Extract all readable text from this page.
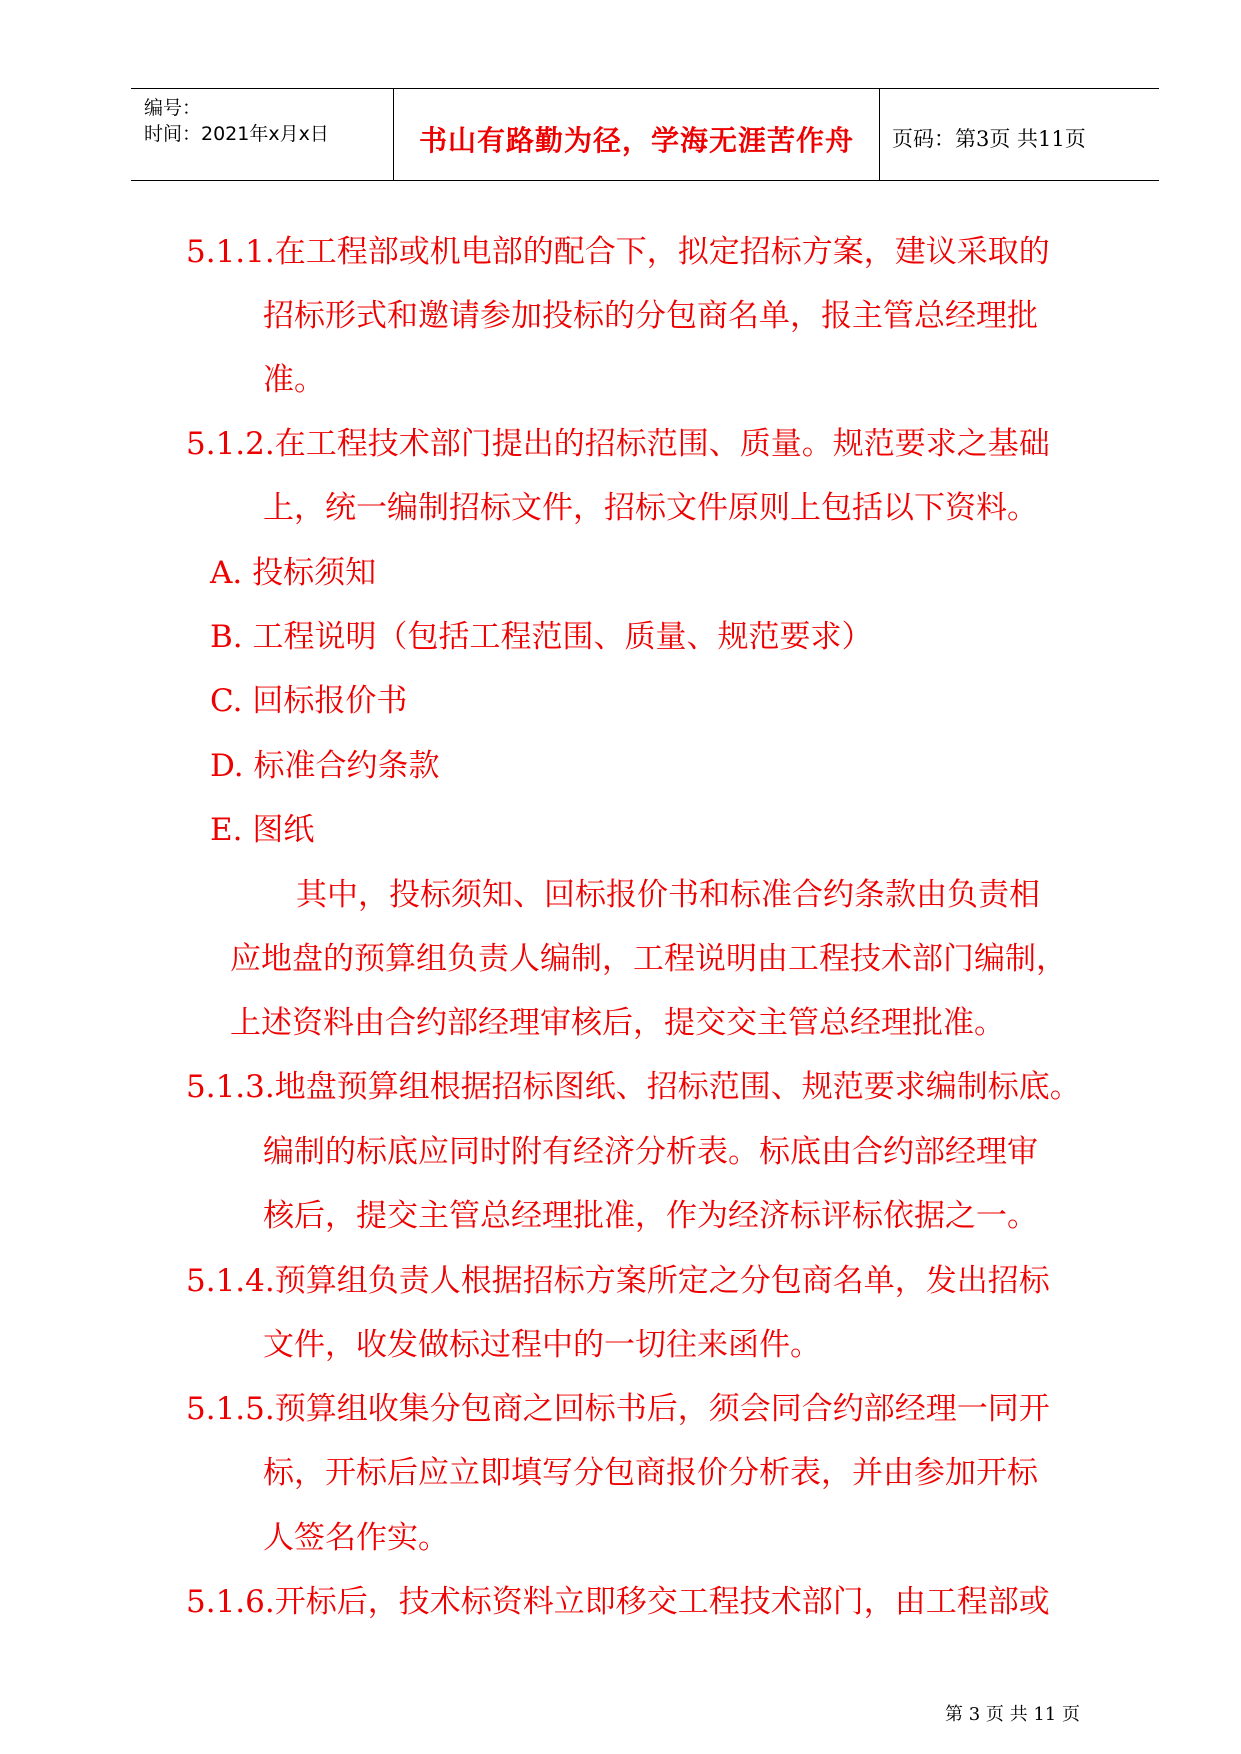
编号：
时间：2021年x月x日	书山有路勤为径，学海无涯苦作舟	页码：第3页 共11页
5.1.1.在工程部或机电部的配合下，拟定招标方案，建议采取的
招标形式和邀请参加投标的分包商名单，报主管总经理批
准。
5.1.2.在工程技术部门提出的招标范围、质量。规范要求之基础
上，统一编制招标文件，招标文件原则上包括以下资料。
A. 投标须知
B. 工程说明（包括工程范围、质量、规范要求）
C. 回标报价书
D. 标准合约条款
E. 图纸
其中，投标须知、回标报价书和标准合约条款由负责相
应地盘的预算组负责人编制，工程说明由工程技术部门编制，
上述资料由合约部经理审核后，提交交主管总经理批准。
5.1.3.地盘预算组根据招标图纸、招标范围、规范要求编制标底。
编制的标底应同时附有经济分析表。标底由合约部经理审
核后，提交主管总经理批准，作为经济标评标依据之一。
5.1.4.预算组负责人根据招标方案所定之分包商名单，发出招标
文件，收发做标过程中的一切往来函件。
5.1.5.预算组收集分包商之回标书后，须会同合约部经理一同开
标，开标后应立即填写分包商报价分析表，并由参加开标
人签名作实。
5.1.6.开标后，技术标资料立即移交工程技术部门，由工程部或
第 3 页 共 11 页
